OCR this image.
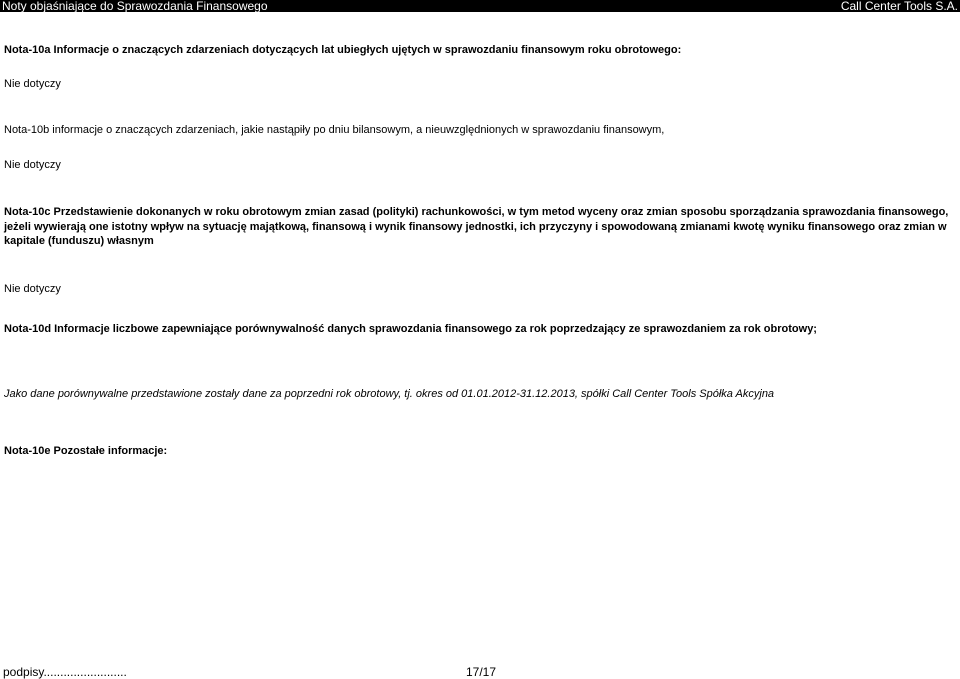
Noty objaśniające do Sprawozdania Finansowego	Call Center Tools S.A.
Nota-10a Informacje o znaczących zdarzeniach dotyczących lat ubiegłych ujętych w sprawozdaniu finansowym roku obrotowego:
Nie dotyczy
Nota-10b informacje o znaczących zdarzeniach, jakie nastąpiły po dniu bilansowym, a nieuwzględnionych w sprawozdaniu finansowym,
Nie dotyczy
Nota-10c Przedstawienie dokonanych w roku obrotowym zmian zasad (polityki) rachunkowości, w tym metod wyceny oraz zmian sposobu sporządzania sprawozdania finansowego, jeżeli wywierają one istotny wpływ na sytuację majątkową, finansową i wynik finansowy jednostki, ich przyczyny i spowodowaną zmianami kwotę wyniku finansowego oraz zmian w kapitale (funduszu) własnym
Nie dotyczy
Nota-10d Informacje liczbowe zapewniające porównywalność danych sprawozdania finansowego za rok poprzedzający ze sprawozdaniem za rok obrotowy;
Jako dane porównywalne przedstawione zostały dane za poprzedni rok obrotowy, tj. okres od 01.01.2012-31.12.2013, spółki Call Center Tools Spółka Akcyjna
Nota-10e Pozostałe informacje:
podpisy.........................	17/17
